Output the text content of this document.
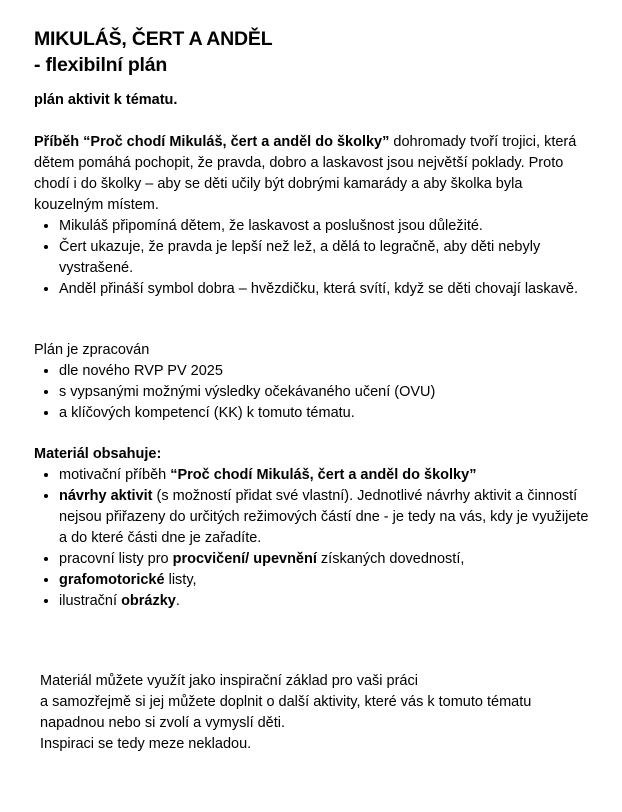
MIKULÁŠ, ČERT A ANDĚL
- flexibilní plán
plán aktivit k tématu.

Příběh “Proč chodí Mikuláš, čert a anděl do školky” dohromady tvoří trojici, která dětem pomáhá pochopit, že pravda, dobro a laskavost jsou největší poklady. Proto chodí i do školky – aby se děti učily být dobrými kamarády a aby školka byla kouzelným místem.

• Mikuláš připomíná dětem, že laskavost a poslušnost jsou důležité.
• Čert ukazuje, že pravda je lepší než lež, a dělá to legračně, aby děti nebyly vystrašené.
• Anděl přináší symbol dobra – hvězdičku, která svítí, když se děti chovají laskavě.

Plán je zpracován

• dle nového RVP PV 2025
• s vypsanými možnými výsledky očekávaného učení (OVU)
• a klíčových kompetencí (KK) k tomuto tématu.

Materiál obsahuje:

• motivační příběh “Proč chodí Mikuláš, čert a anděl do školky”
• návrhy aktivit (s možností přidat své vlastní). Jednotlivé návrhy aktivit a činností nejsou přiřazeny do určitých režimových částí dne - je tedy na vás, kdy je využijete a do které části dne je zařadíte.
• pracovní listy pro procvičení/ upevnění získaných dovedností,
• grafomotorické listy,
• ilustrační obrázky.
Materiál můžete využít jako inspirační základ pro vaši práci
a samozřejmě si jej můžete doplnit o další aktivity, které vás k tomuto tématu
napadnou nebo si zvolí a vymyslí děti.
Inspiraci se tedy meze nekladou.
